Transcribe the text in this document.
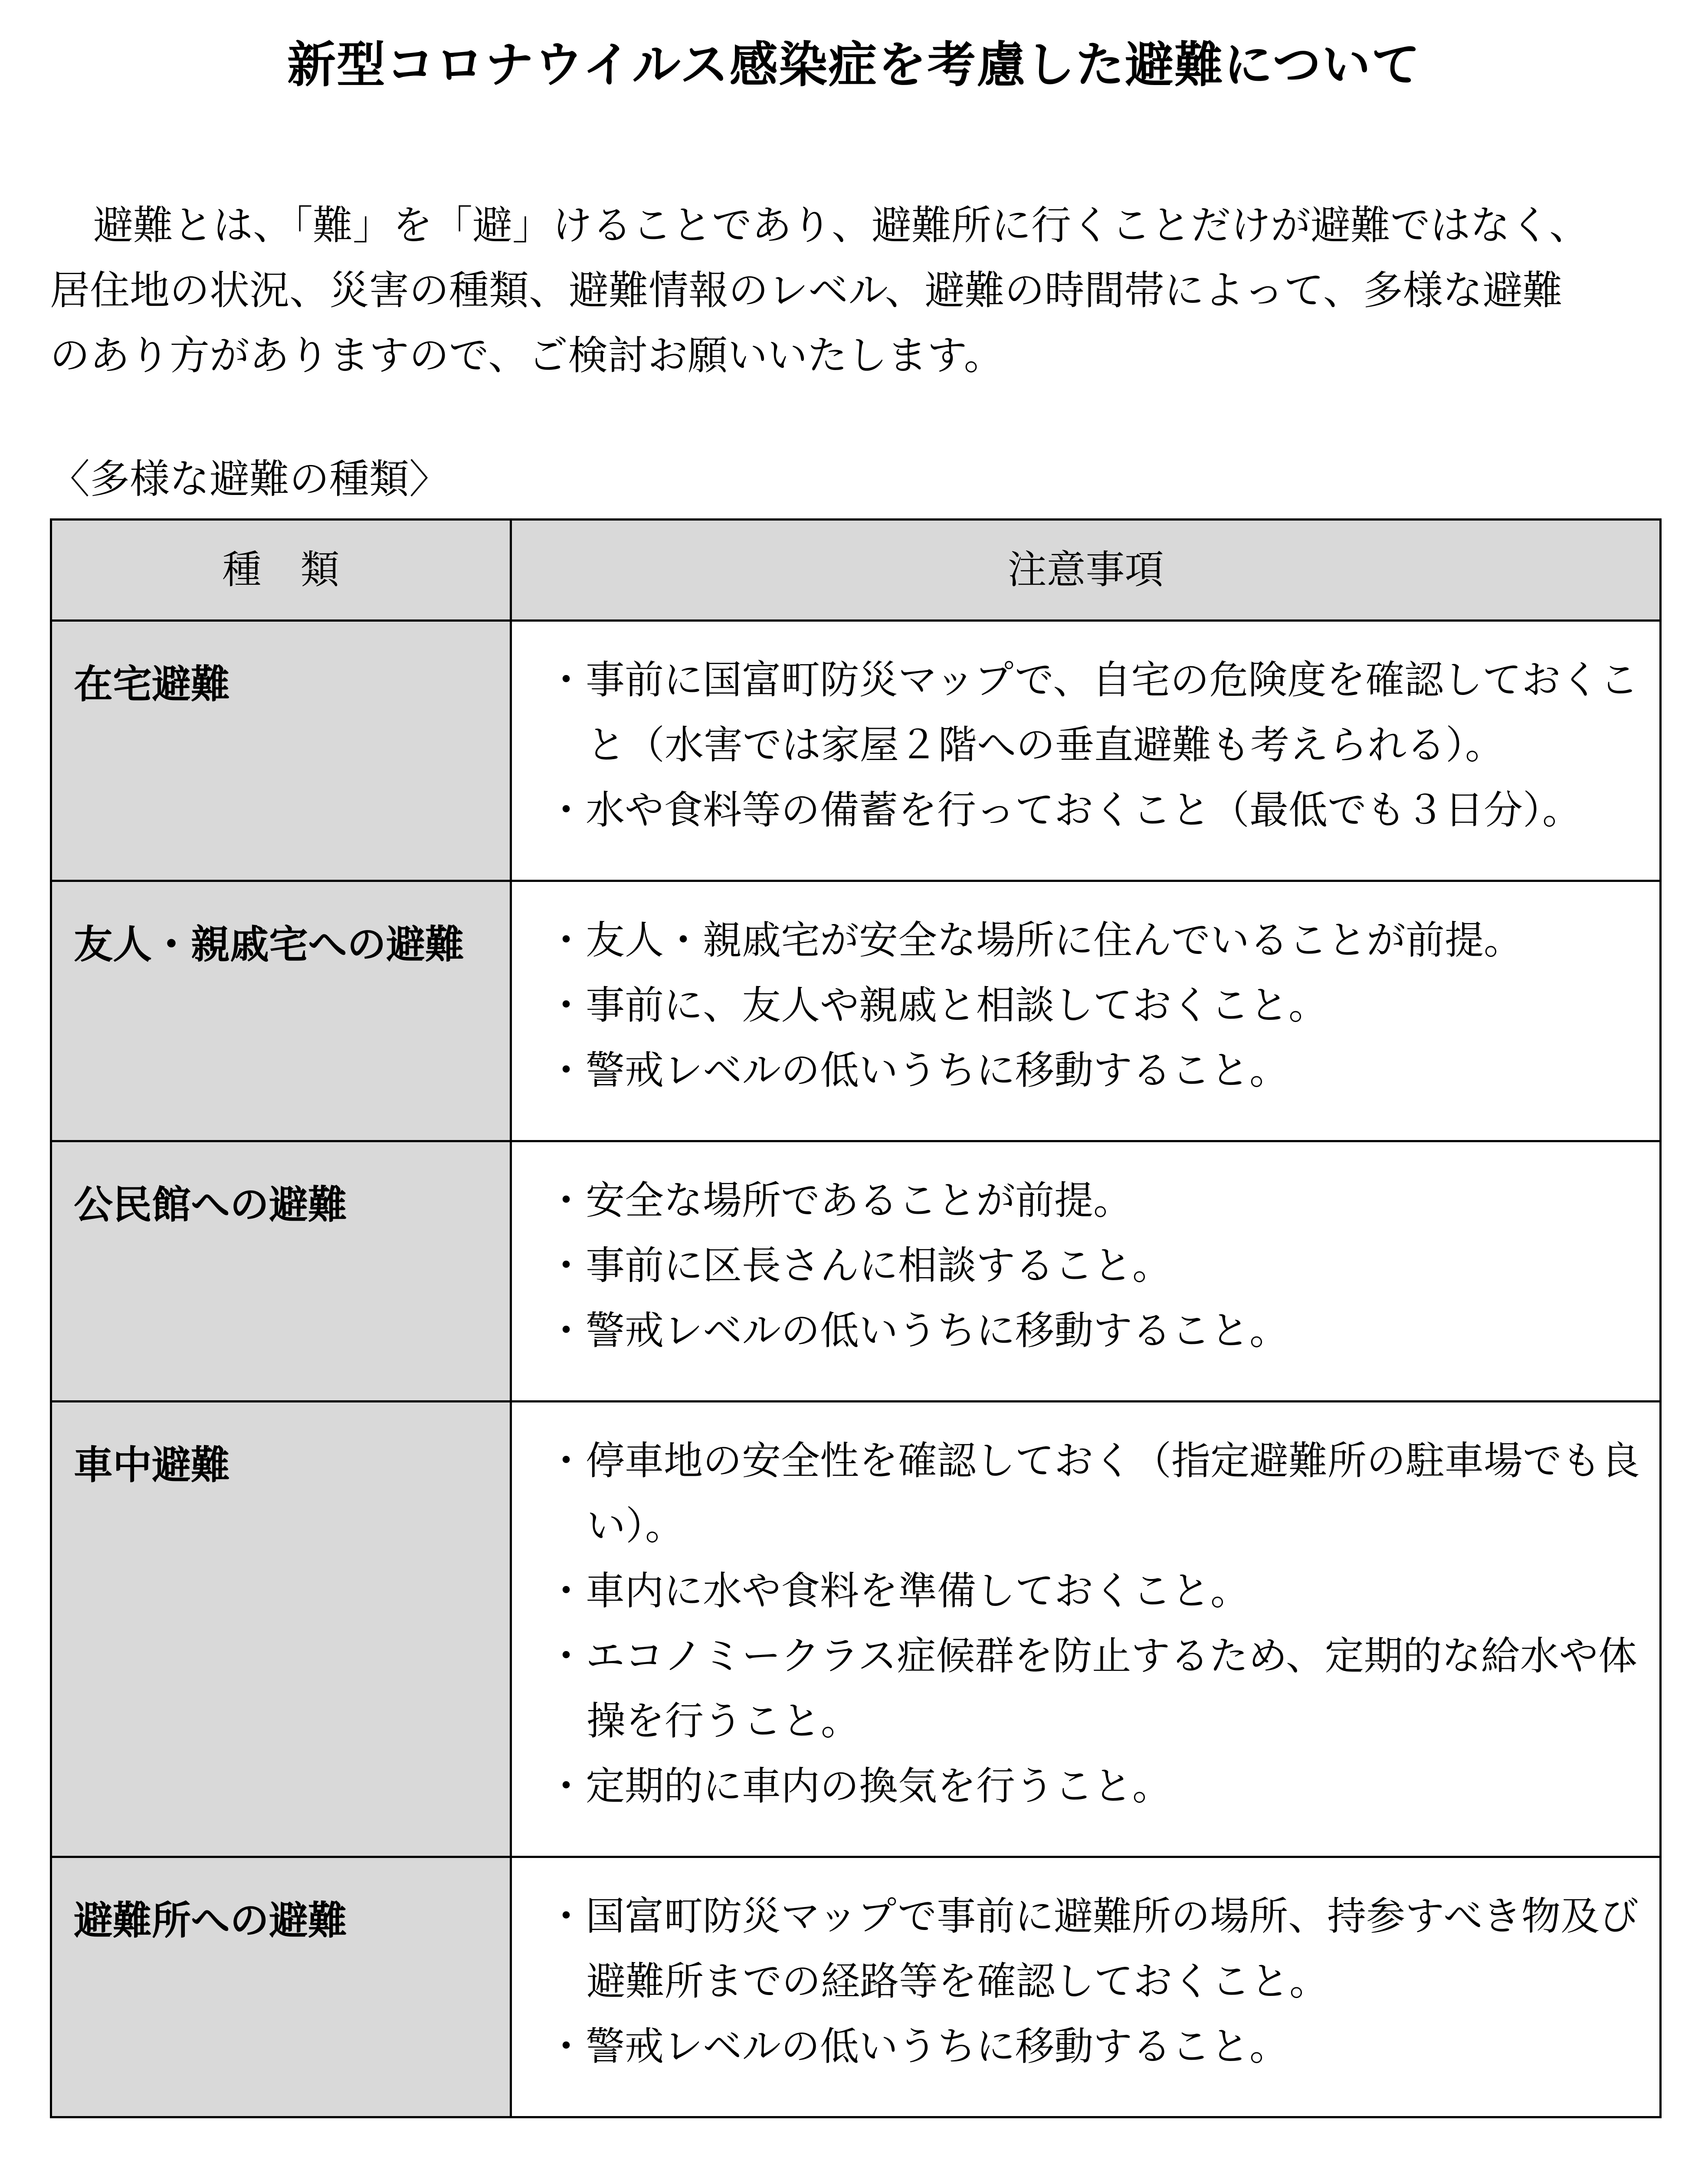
新型コロナウイルス感染症を考慮した避難について

避難とは、「難」を「避」けることであり、避難所に行くことだけが避難ではなく、

居住地の状況、災害の種類、避難情報のレベル、避難の時間帯によって、多様な避難

のあり方がありますので、ご検討お願いいたします。

〈多様な避難の種類〉
種　類	注意事項
在宅避難	・事前に国富町防災マップで、自宅の危険度を確認しておくこと（水害では家屋２階への垂直避難も考えられる）。
・水や食料等の備蓄を行っておくこと（最低でも３日分）。

友人・親戚宅への避難	・友人・親戚宅が安全な場所に住んでいることが前提。
・事前に、友人や親戚と相談しておくこと。
・警戒レベルの低いうちに移動すること。

公民館への避難	・安全な場所であることが前提。
・事前に区長さんに相談すること。
・警戒レベルの低いうちに移動すること。

車中避難	・停車地の安全性を確認しておく（指定避難所の駐車場でも良い）。
・車内に水や食料を準備しておくこと。
・エコノミークラス症候群を防止するため、定期的な給水や体操を行うこと。
・定期的に車内の換気を行うこと。

避難所への避難	・国富町防災マップで事前に避難所の場所、持参すべき物及び避難所までの経路等を確認しておくこと。
・警戒レベルの低いうちに移動すること。
